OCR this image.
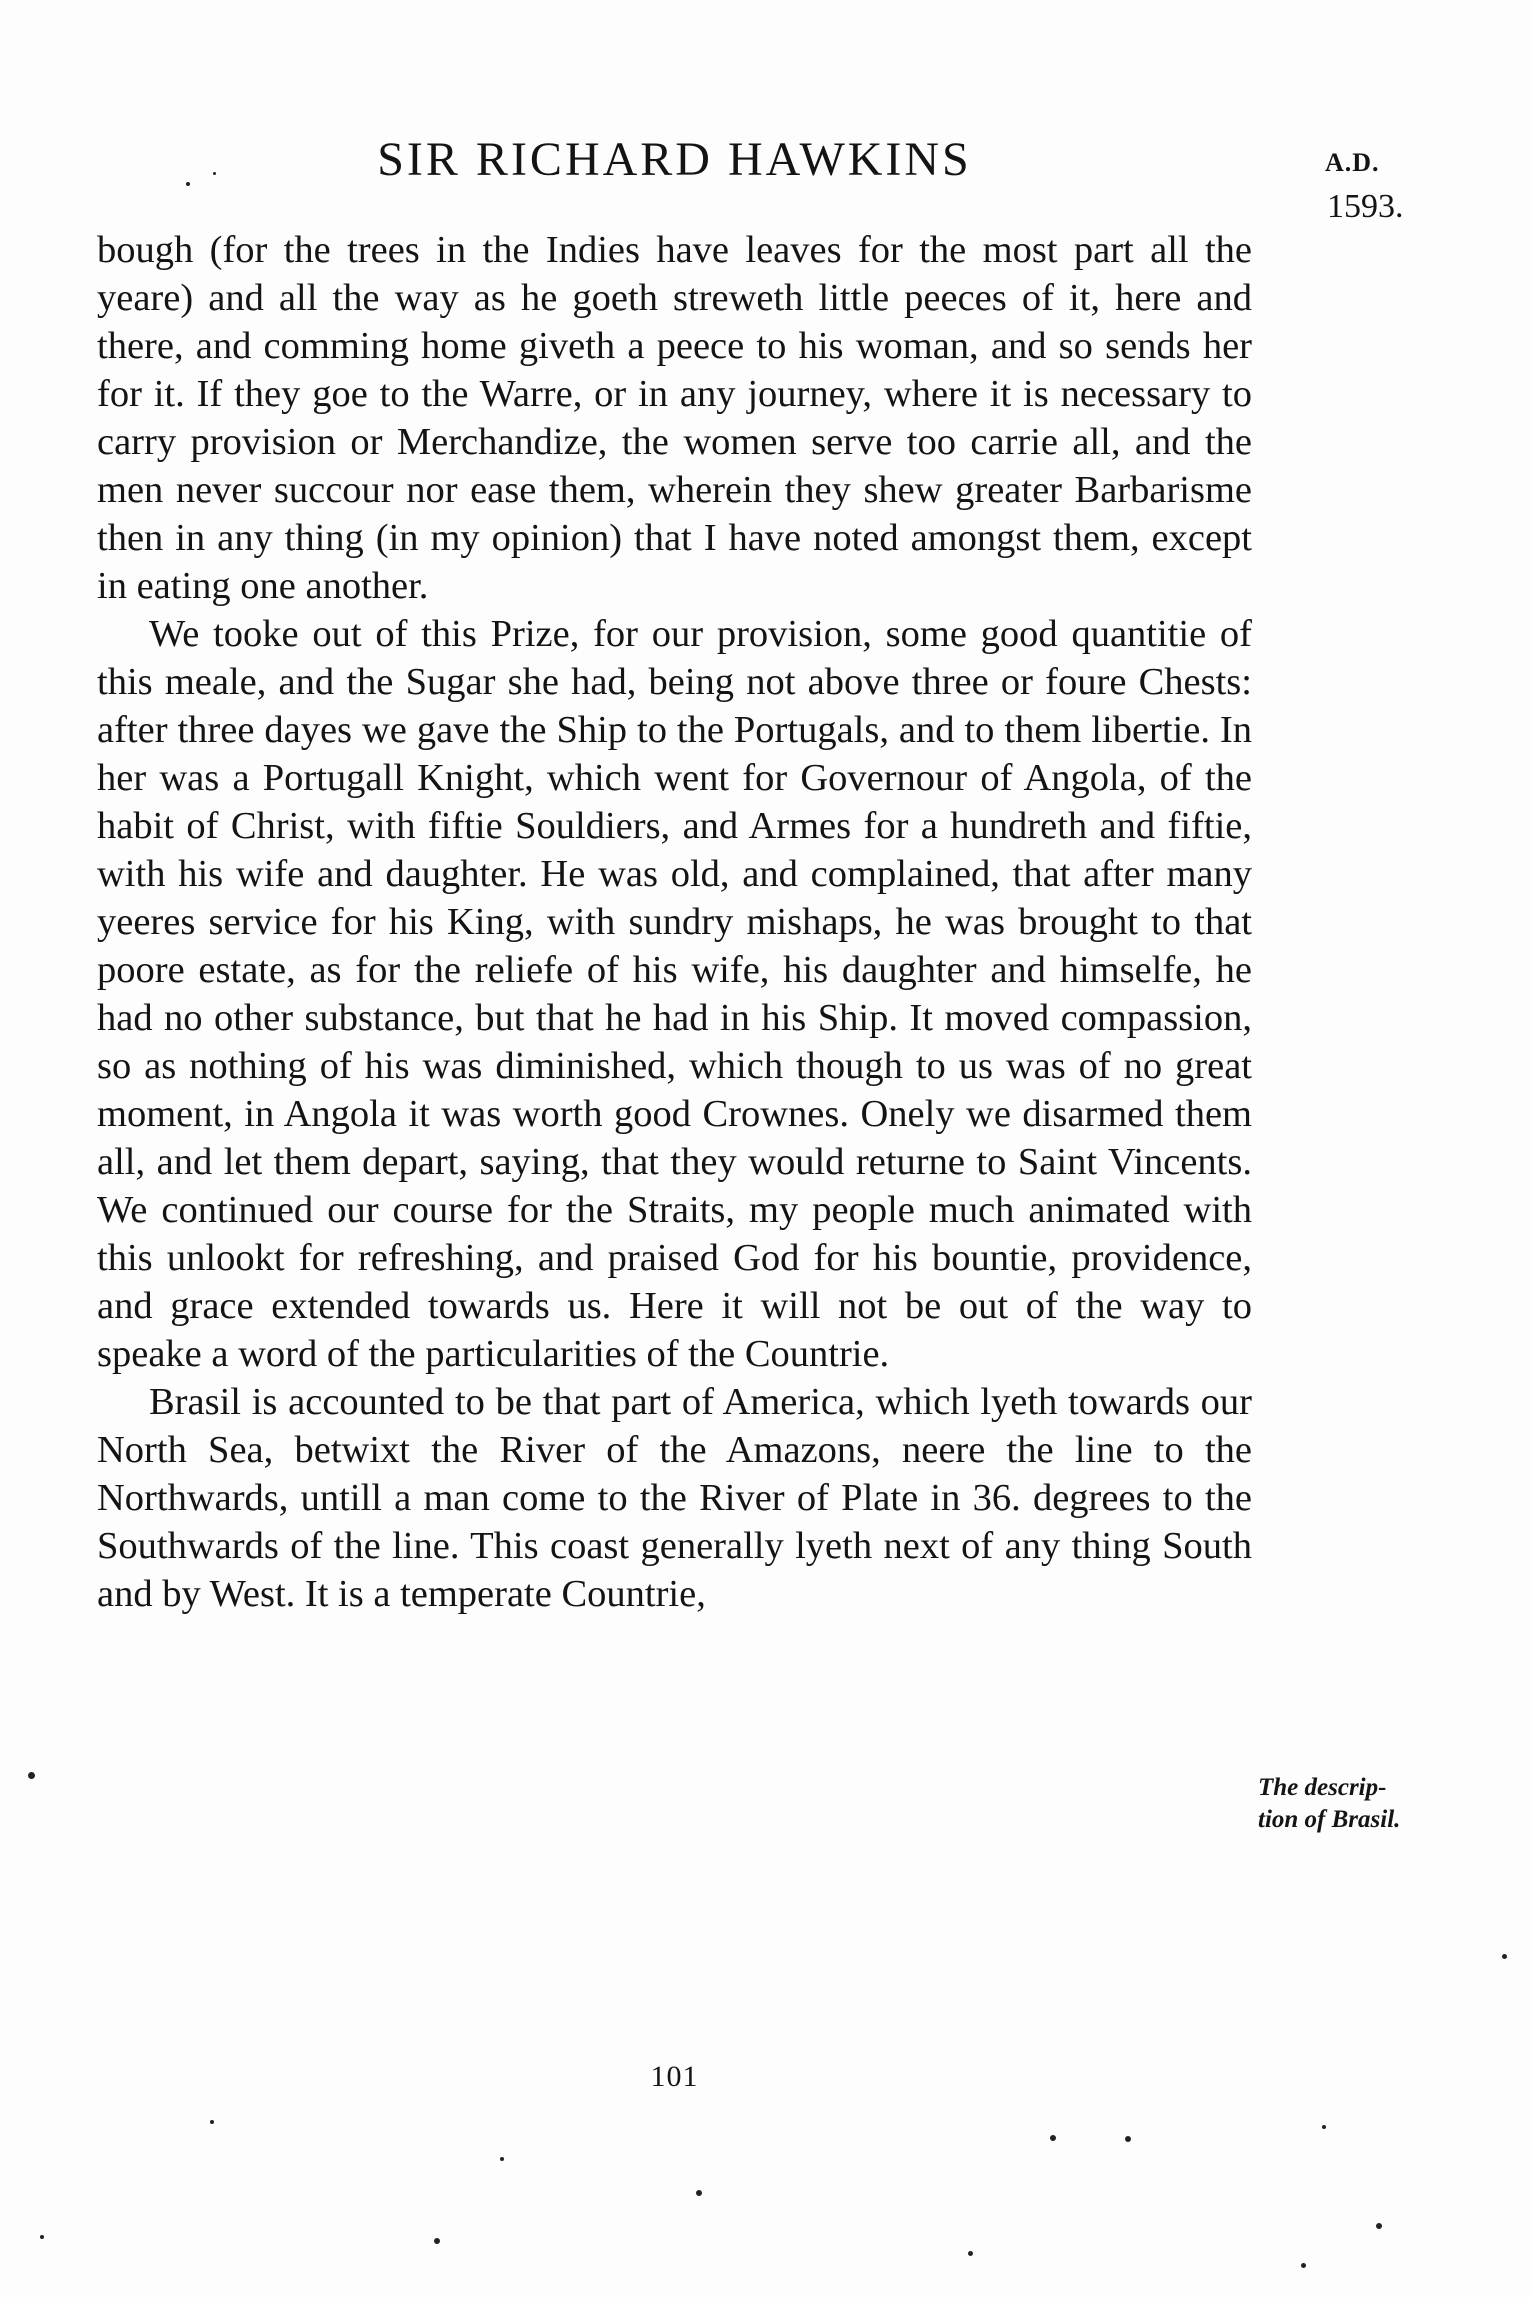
SIR RICHARD HAWKINS	A.D.
1593.

bough (for the trees in the Indies have leaves for the most part all the yeare) and all the way as he goeth streweth little peeces of it, here and there, and comming home giveth a peece to his woman, and so sends her for it. If they goe to the Warre, or in any journey, where it is necessary to carry provision or Merchandize, the women serve too carrie all, and the men never succour nor ease them, wherein they shew greater Barbarisme then in any thing (in my opinion) that I have noted amongst them, except in eating one another.

We tooke out of this Prize, for our provision, some good quantitie of this meale, and the Sugar she had, being not above three or foure Chests: after three dayes we gave the Ship to the Portugals, and to them libertie. In her was a Portugall Knight, which went for Governour of Angola, of the habit of Christ, with fiftie Souldiers, and Armes for a hundreth and fiftie, with his wife and daughter. He was old, and complained, that after many yeeres service for his King, with sundry mishaps, he was brought to that poore estate, as for the reliefe of his wife, his daughter and himselfe, he had no other substance, but that he had in his Ship. It moved compassion, so as nothing of his was diminished, which though to us was of no great moment, in Angola it was worth good Crownes. Onely we disarmed them all, and let them depart, saying, that they would returne to Saint Vincents. We continued our course for the Straits, my people much animated with this unlookt for refreshing, and praised God for his bountie, providence, and grace extended towards us. Here it will not be out of the way to speake a word of the particularities of the Countrie.

Brasil is accounted to be that part of America, which lyeth towards our North Sea, betwixt the River of the Amazons, neere the line to the Northwards, untill a man come to the River of Plate in 36. degrees to the Southwards of the line. This coast generally lyeth next of any thing South and by West. It is a temperate Countrie,

The descrip-
tion of Brasil.
101
